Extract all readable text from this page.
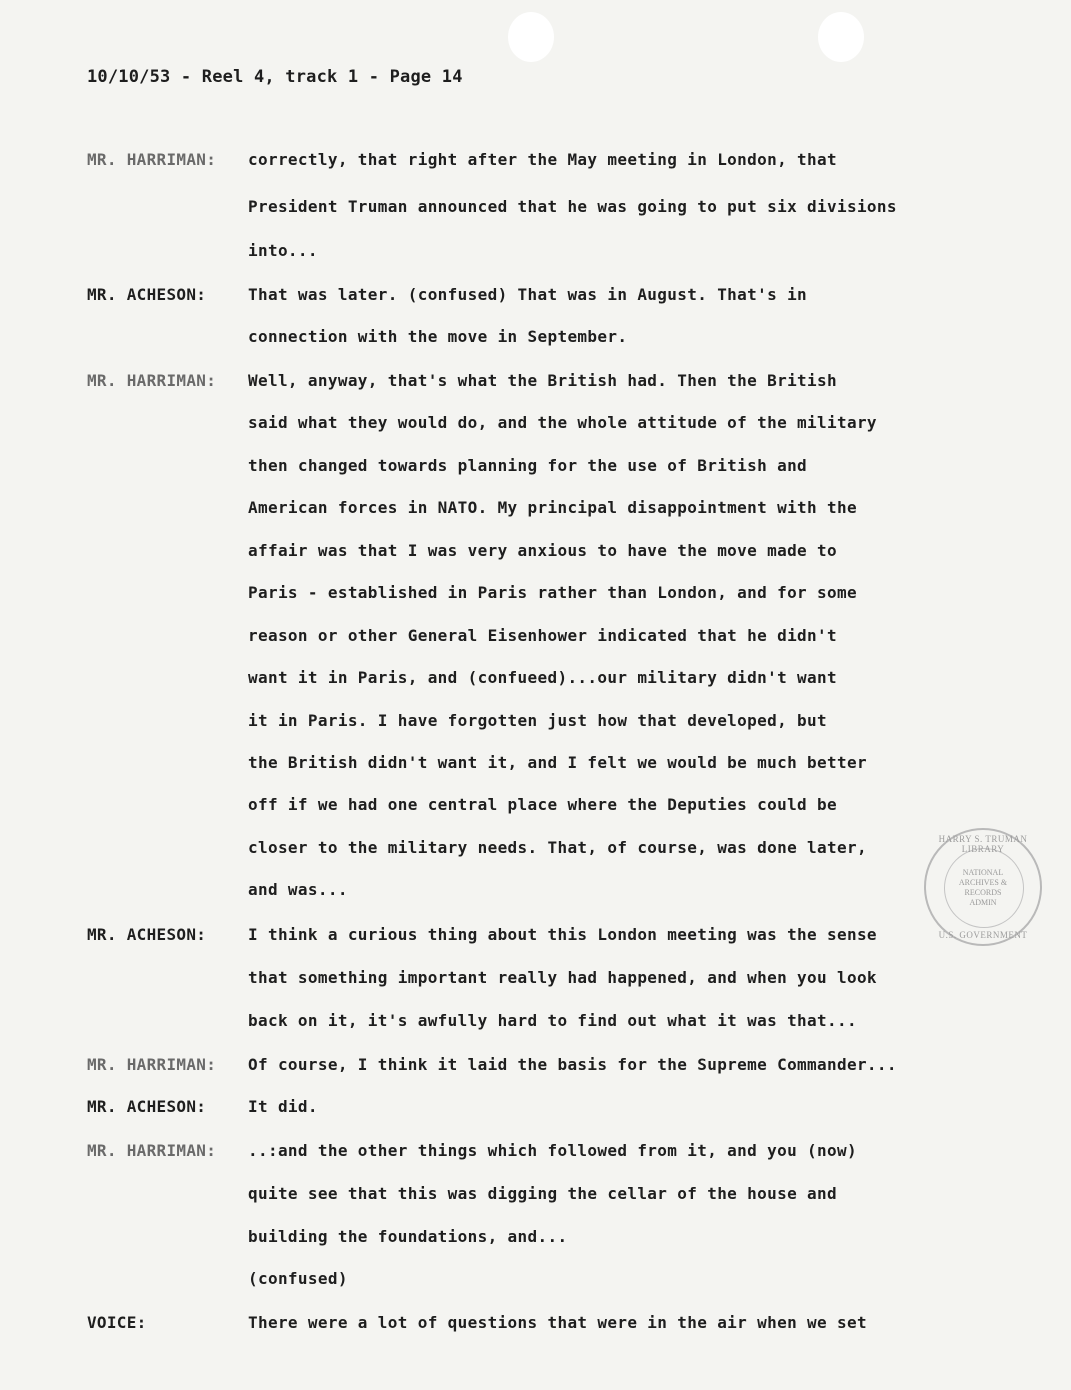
10/10/53 - Reel 4, track 1 - Page 14
MR. HARRIMAN: correctly, that right after the May meeting in London, that
President Truman announced that he was going to put six divisions
into...
MR. ACHESON:	That was later. (confused) That was in August. That's in
connection with the move in September.
MR. HARRIMAN: Well, anyway, that's what the British had. Then the British
said what they would do, and the whole attitude of the military
then changed towards planning for the use of British and
American forces in NATO. My principal disappointment with the
affair was that I was very anxious to have the move made to
Paris - established in Paris rather than London, and for some
reason or other General Eisenhower indicated that he didn't
want it in Paris, and (confueed)...our military didn't want
it in Paris. I have forgotten just how that developed, but
the British didn't want it, and I felt we would be much better
off if we had one central place where the Deputies could be
closer to the military needs. That, of course, was done later,
and was...
MR. ACHESON:	I think a curious thing about this London meeting was the sense
that something important really had happened, and when you look
back on it, it's awfully hard to find out what it was that...
MR. HARRIMAN: Of course, I think it laid the basis for the Supreme Commander...
MR. ACHESON:	It did.
MR. HARRIMAN: ..:and the other things which followed from it, and you (now)
quite see that this was digging the cellar of the house and
building the foundations, and...
(confused)
VOICE:	There were a lot of questions that were in the air when we set
HARRY S. TRUMAN LIBRARY
U.S. GOVERNMENT
NATIONAL
ARCHIVES &
RECORDS
ADMIN
